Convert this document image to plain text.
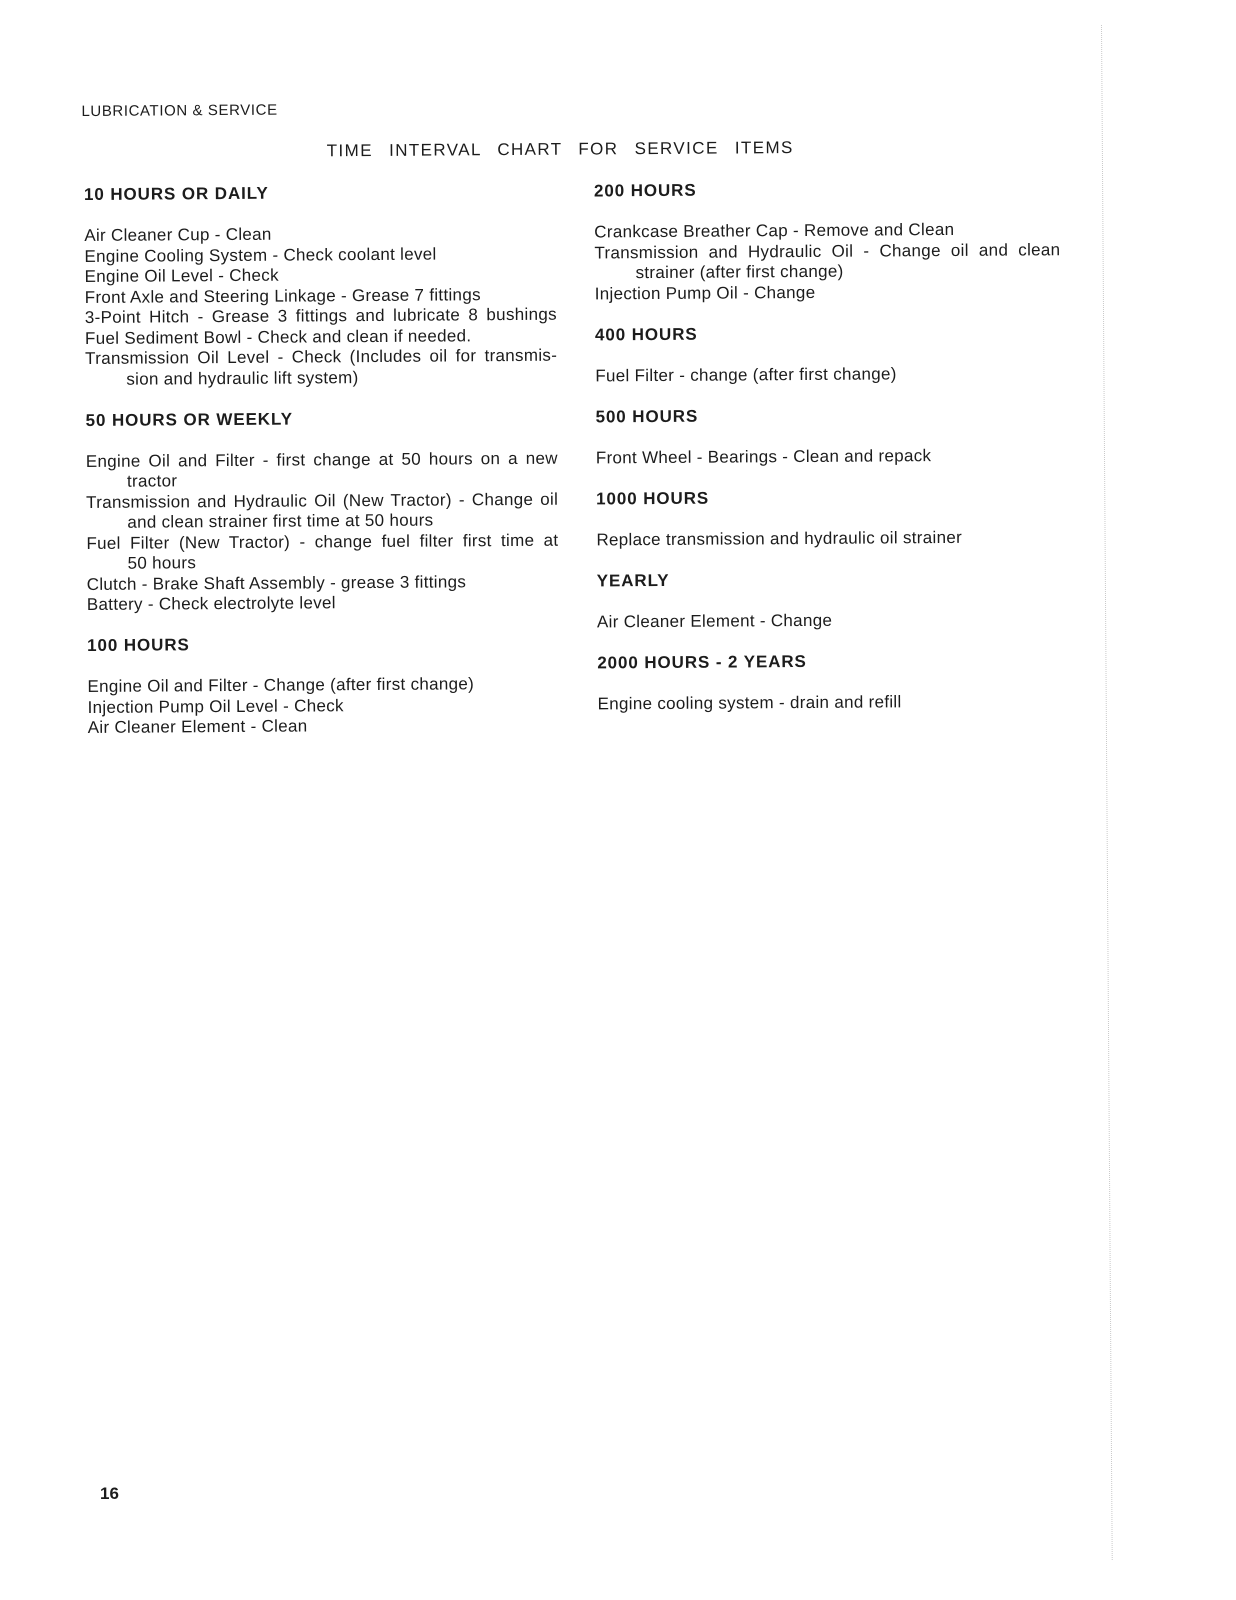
LUBRICATION & SERVICE
TIME INTERVAL CHART FOR SERVICE ITEMS
10 HOURS OR DAILY
Air Cleaner Cup - Clean
Engine Cooling System - Check coolant level
Engine Oil Level - Check
Front Axle and Steering Linkage - Grease 7 fittings
3-Point Hitch - Grease 3 fittings and lubricate 8 bushings
Fuel Sediment Bowl - Check and clean if needed.
Transmission Oil Level - Check (Includes oil for transmis-
sion and hydraulic lift system)
50 HOURS OR WEEKLY
Engine Oil and Filter - first change at 50 hours on a new
tractor
Transmission and Hydraulic Oil (New Tractor) - Change oil
and clean strainer first time at 50 hours
Fuel Filter (New Tractor) - change fuel filter first time at
50 hours
Clutch - Brake Shaft Assembly - grease 3 fittings
Battery - Check electrolyte level
100 HOURS
Engine Oil and Filter - Change (after first change)
Injection Pump Oil Level - Check
Air Cleaner Element - Clean
200 HOURS
Crankcase Breather Cap - Remove and Clean
Transmission and Hydraulic Oil - Change oil and clean
strainer (after first change)
Injection Pump Oil - Change
400 HOURS
Fuel Filter - change (after first change)
500 HOURS
Front Wheel - Bearings - Clean and repack
1000 HOURS
Replace transmission and hydraulic oil strainer
YEARLY
Air Cleaner Element - Change
2000 HOURS - 2 YEARS
Engine cooling system - drain and refill
16
